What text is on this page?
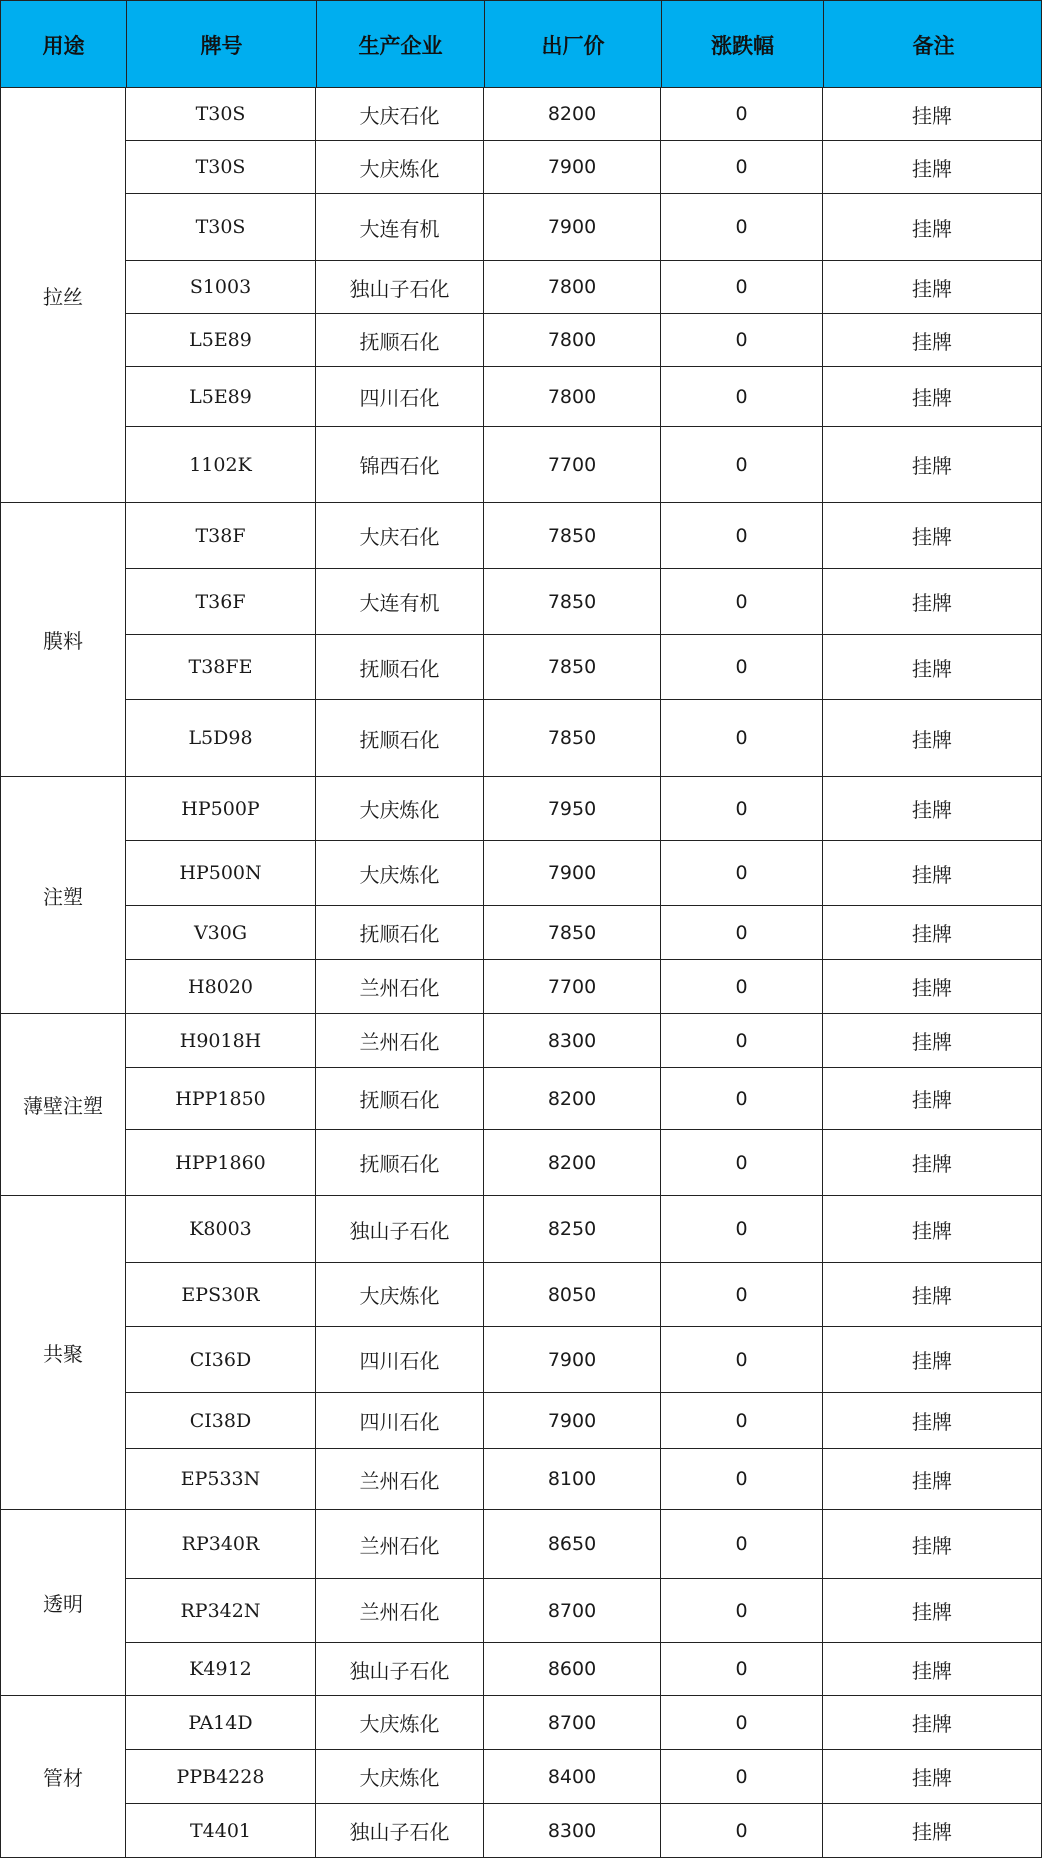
用途	牌号	生产企业	出厂价	涨跌幅	备注
拉丝
T30S	大庆石化	8200	0	挂牌
T30S	大庆炼化	7900	0	挂牌
T30S	大连有机	7900	0	挂牌
S1003	独山子石化	7800	0	挂牌
L5E89	抚顺石化	7800	0	挂牌
L5E89	四川石化	7800	0	挂牌
1102K	锦西石化	7700	0	挂牌
膜料
T38F	大庆石化	7850	0	挂牌
T36F	大连有机	7850	0	挂牌
T38FE	抚顺石化	7850	0	挂牌
L5D98	抚顺石化	7850	0	挂牌
注塑
HP500P	大庆炼化	7950	0	挂牌
HP500N	大庆炼化	7900	0	挂牌
V30G	抚顺石化	7850	0	挂牌
H8020	兰州石化	7700	0	挂牌
薄壁注塑
H9018H	兰州石化	8300	0	挂牌
HPP1850	抚顺石化	8200	0	挂牌
HPP1860	抚顺石化	8200	0	挂牌
共聚
K8003	独山子石化	8250	0	挂牌
EPS30R	大庆炼化	8050	0	挂牌
CI36D	四川石化	7900	0	挂牌
CI38D	四川石化	7900	0	挂牌
EP533N	兰州石化	8100	0	挂牌
透明
RP340R	兰州石化	8650	0	挂牌
RP342N	兰州石化	8700	0	挂牌
K4912	独山子石化	8600	0	挂牌
管材
PA14D	大庆炼化	8700	0	挂牌
PPB4228	大庆炼化	8400	0	挂牌
T4401	独山子石化	8300	0	挂牌
